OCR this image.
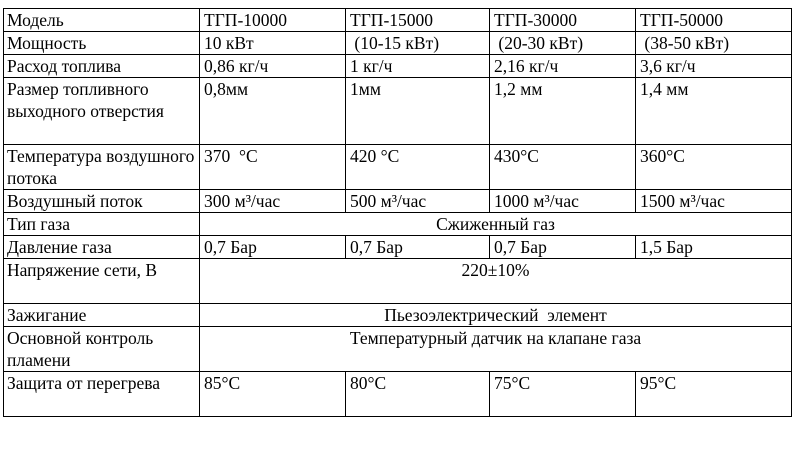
Модель	ТГП-10000	ТГП-15000	ТГП-30000	ТГП-50000
Мощность	10 кВт	(10-15 кВт)	(20-30 кВт)	(38-50 кВт)
Расход топлива	0,86 кг/ч	1 кг/ч	2,16 кг/ч	3,6 кг/ч
Размер топливного выходного отверстия	0,8мм	1мм	1,2 мм	1,4 мм
Температура воздушного потока	370  °C	420 °C	430°C	360°C
Воздушный поток	300 м³/час	500 м³/час	1000 м³/час	1500 м³/час
Тип газа	Сжиженный газ			
Давление газа	0,7 Бар	0,7 Бар	0,7 Бар	1,5 Бар
Напряжение сети, В	220±10%			
Зажигание	Пьезоэлектрический  элемент			
Основной контроль пламени	Температурный датчик на клапане газа			
Защита от перегрева	85°C	80°C	75°C	95°C
